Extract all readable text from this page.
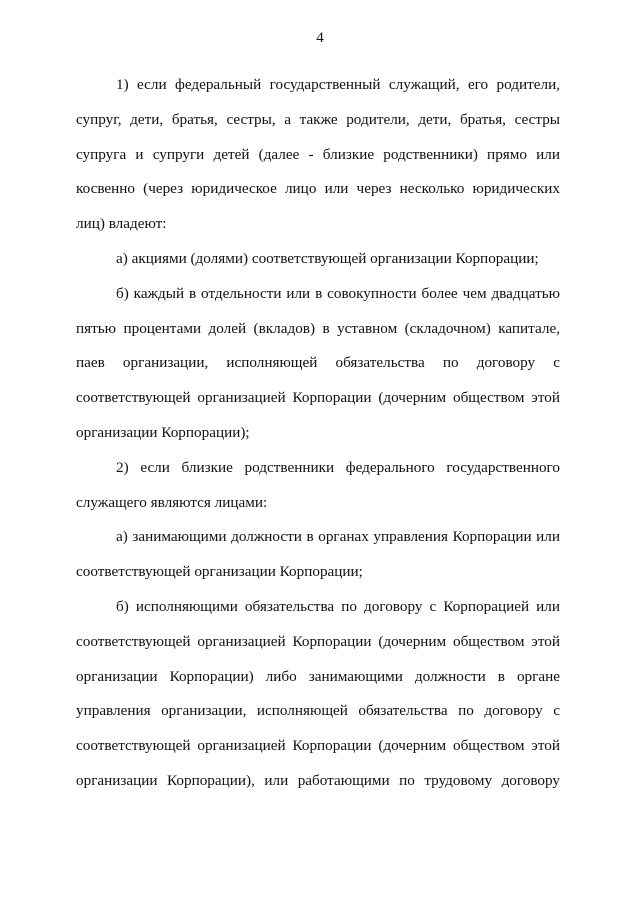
4

1) если федеральный государственный служащий, его родители, супруг, дети, братья, сестры, а также родители, дети, братья, сестры супруга и супруги детей (далее - близкие родственники) прямо или косвенно (через юридическое лицо или через несколько юридических лиц) владеют:

а) акциями (долями) соответствующей организации Корпорации;

б) каждый в отдельности или в совокупности более чем двадцатью пятью процентами долей (вкладов) в уставном (складочном) капитале, паев организации, исполняющей обязательства по договору с соответствующей организацией Корпорации (дочерним обществом этой организации Корпорации);

2) если близкие родственники федерального государственного служащего являются лицами:

а) занимающими должности в органах управления Корпорации или соответствующей организации Корпорации;

б) исполняющими обязательства по договору с Корпорацией или соответствующей организацией Корпорации (дочерним обществом этой организации Корпорации) либо занимающими должности в органе управления организации, исполняющей обязательства по договору с соответствующей организацией Корпорации (дочерним обществом этой организации Корпорации), или работающими по трудовому договору
